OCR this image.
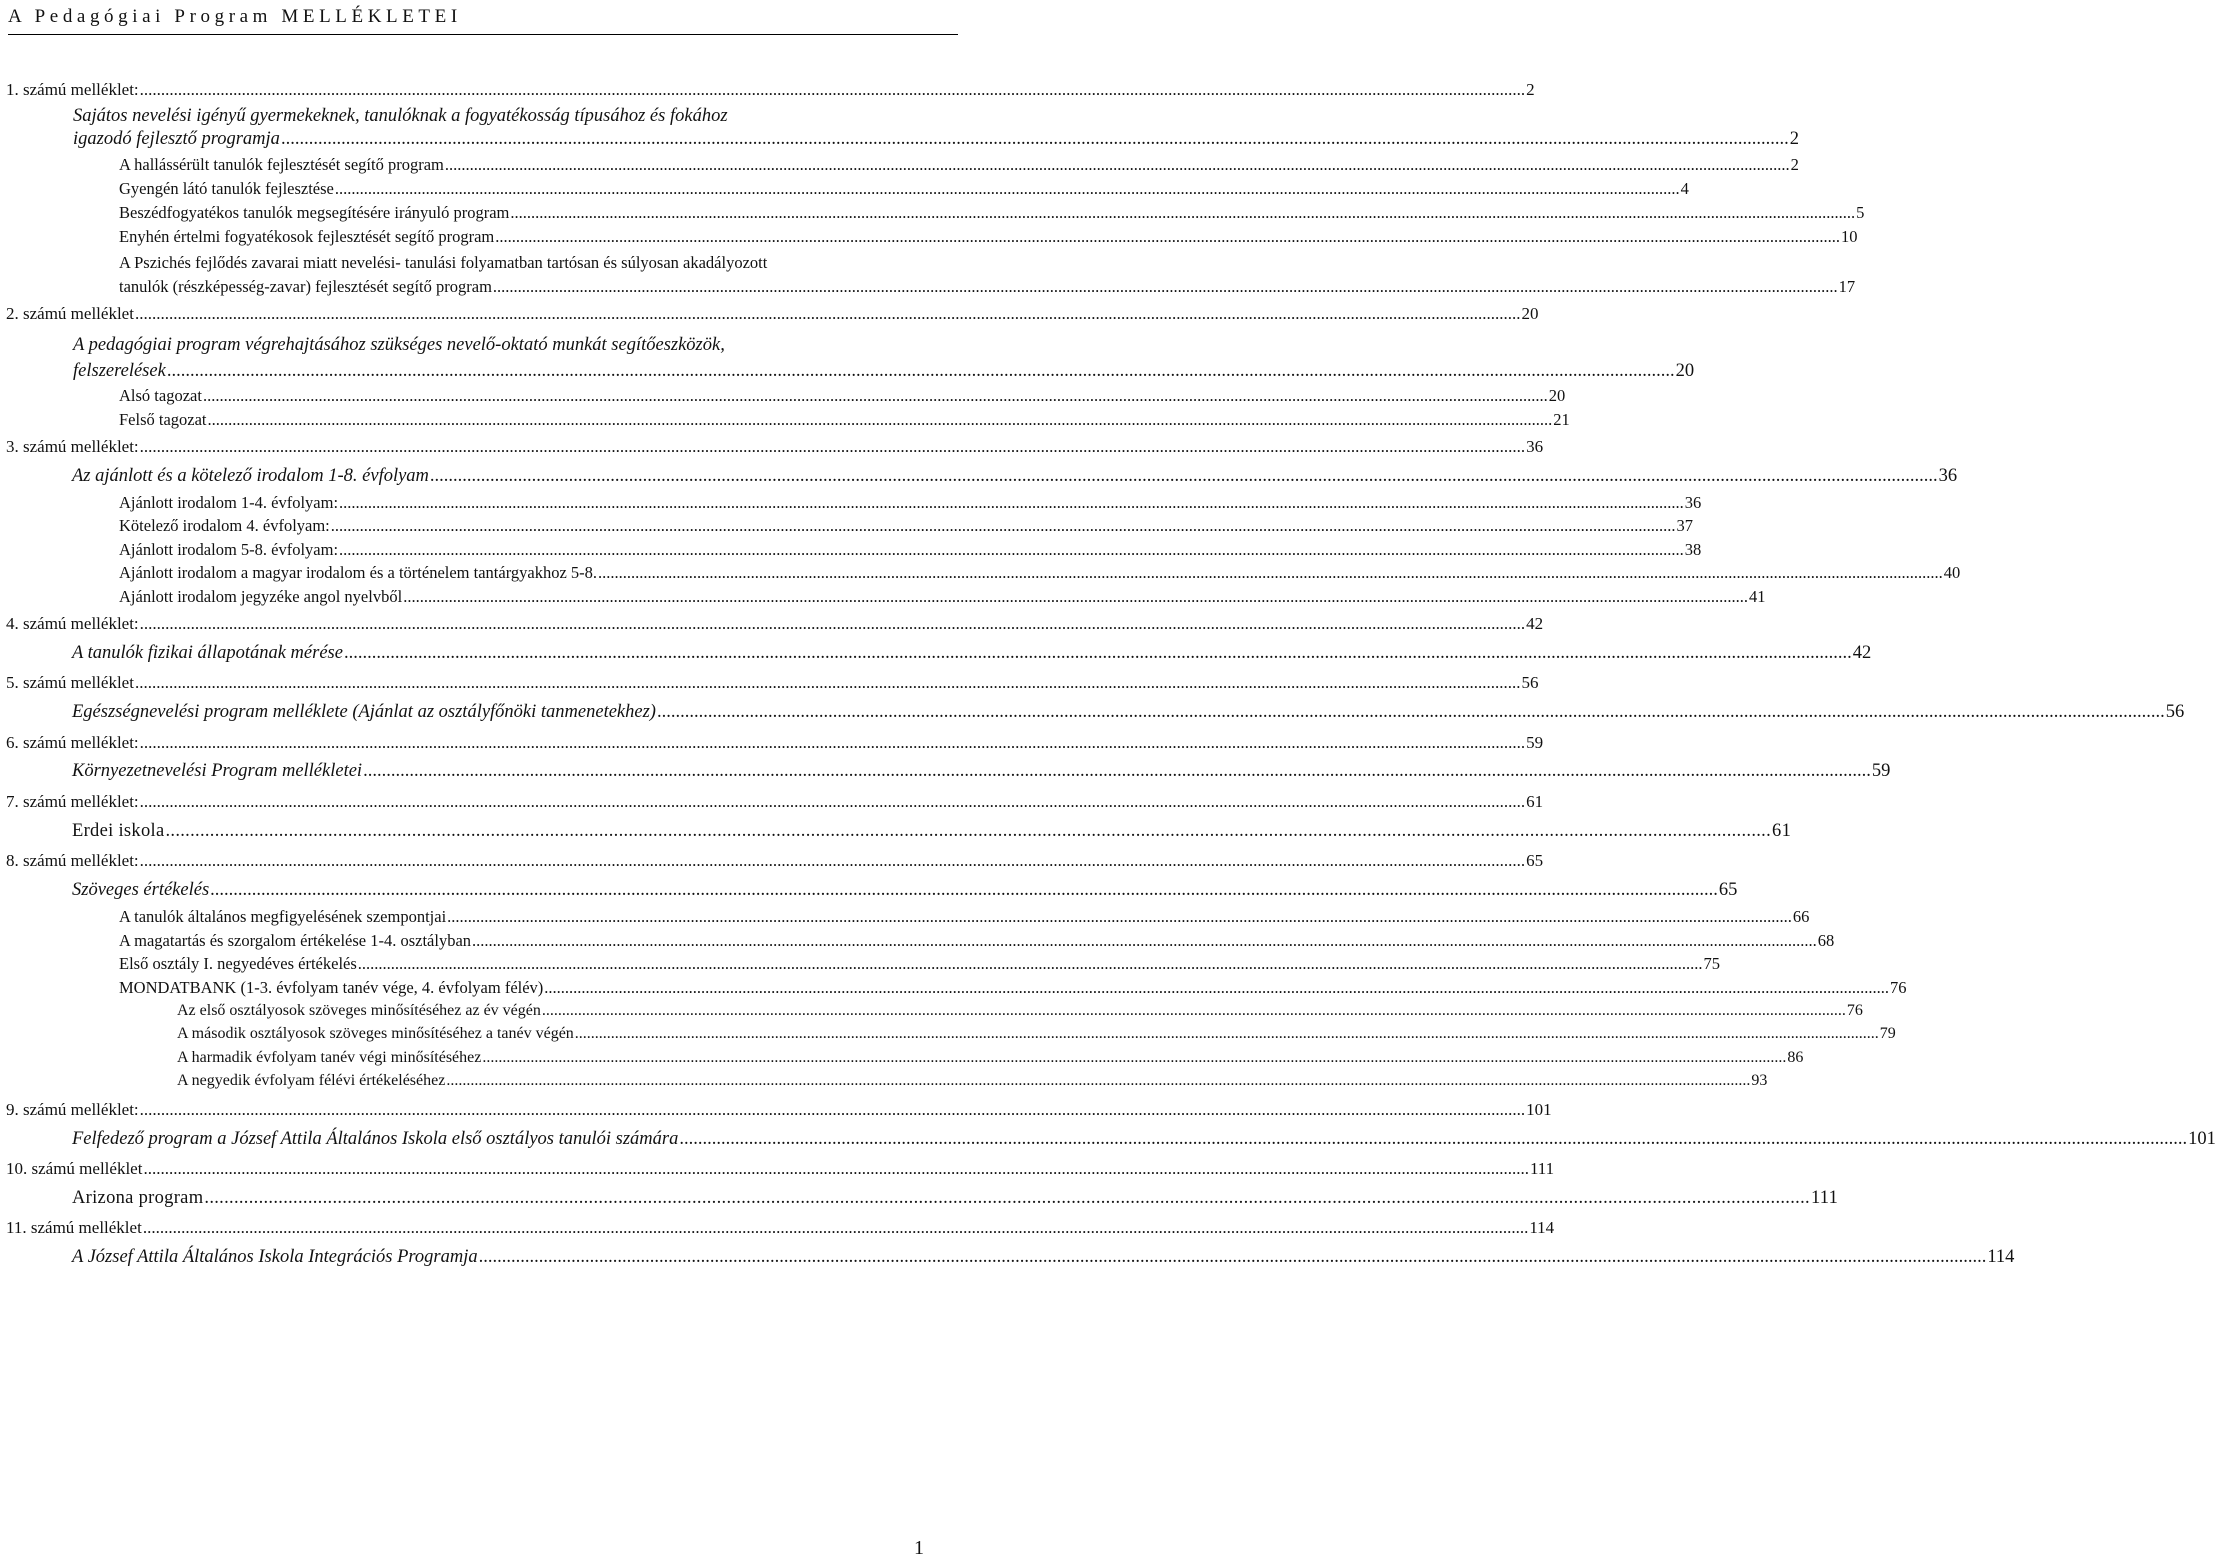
A Pedagógiai Program MELLÉKLETEI
1. számú melléklet: .....	2
Sajátos nevelési igényű gyermekeknek, tanulóknak a fogyatékosság típusához és fokához
igazodó fejlesztő programja .....	2
A hallássérült tanulók fejlesztését segítő program .....	2
Gyengén látó tanulók fejlesztése .....	4
Beszédfogyatékos tanulók megsegítésére irányuló program .....	5
Enyhén értelmi fogyatékosok fejlesztését segítő program .....	10
A Pszichés fejlődés zavarai miatt nevelési- tanulási folyamatban tartósan és súlyosan akadályozott
tanulók (részképesség-zavar) fejlesztését segítő program .....	17
2. számú melléklet .....	20
A pedagógiai program végrehajtásához szükséges nevelő-oktató munkát segítőeszközök,
felszerelések .....	20
Alsó tagozat .....	20
Felső tagozat .....	21
3. számú melléklet: .....	36
Az ajánlott és a kötelező irodalom 1-8. évfolyam .....	36
Ajánlott irodalom 1-4. évfolyam: .....	36
Kötelező irodalom 4. évfolyam: .....	37
Ajánlott irodalom 5-8. évfolyam: .....	38
Ajánlott irodalom a magyar irodalom és a történelem tantárgyakhoz 5-8. .....	40
Ajánlott irodalom jegyzéke angol nyelvből .....	41
4. számú melléklet: .....	42
A tanulók fizikai állapotának mérése .....	42
5. számú melléklet .....	56
Egészségnevelési program melléklete (Ajánlat az osztályfőnöki tanmenetekhez) .....	56
6. számú melléklet: .....	59
Környezetnevelési Program mellékletei .....	59
7. számú melléklet: .....	61
Erdei iskola .....	61
8. számú melléklet: .....	65
Szöveges értékelés .....	65
A tanulók általános megfigyelésének szempontjai .....	66
A magatartás és szorgalom értékelése 1-4. osztályban .....	68
Első osztály I. negyedéves értékelés .....	75
MONDATBANK (1-3. évfolyam tanév vége, 4. évfolyam félév) .....	76
Az első osztályosok szöveges minősítéséhez az év végén .....	76
A második osztályosok szöveges minősítéséhez a tanév végén .....	79
A harmadik évfolyam tanév végi minősítéséhez .....	86
A negyedik évfolyam félévi értékeléséhez .....	93
9. számú melléklet: .....	101
Felfedező program a József Attila Általános Iskola első osztályos tanulói számára .....	101
10. számú melléklet .....	111
Arizona program .....	111
11. számú melléklet .....	114
A József Attila Általános Iskola Integrációs Programja .....	114
1
